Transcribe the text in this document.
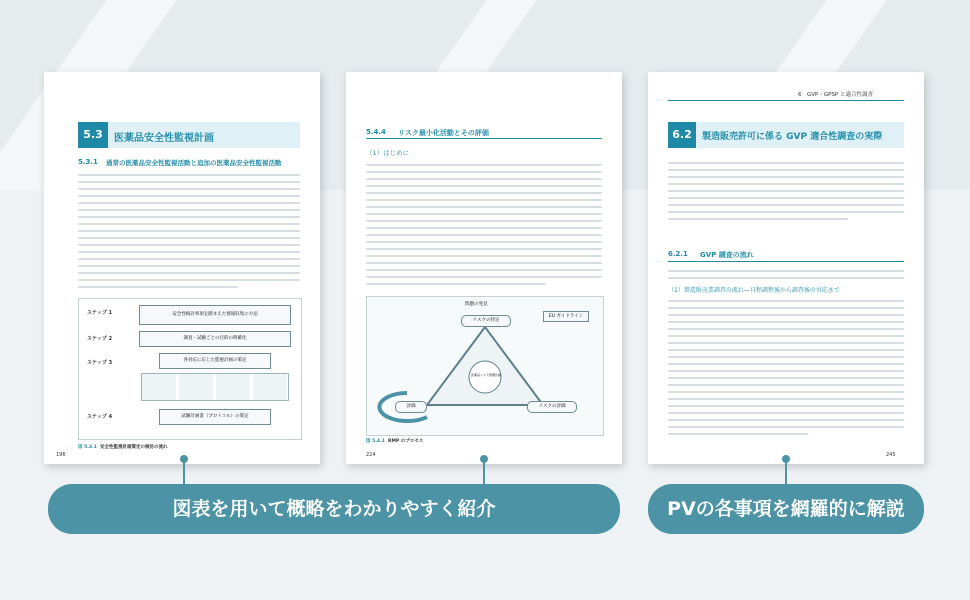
5.3	医薬品安全性監視計画
5.3.1 通常の医薬品安全性監視活動と追加の医薬品安全性監視活動
ステップ 1
ステップ 2
ステップ 3
ステップ 4
安全性検討事項を踏まえた情報収集の方法
調査・試験ごとの目的の明確化
各対応に応じた監視計画の策定
試験計画書（プロトコル）の策定
図 5.3.1 安全性監視計画策定の検討の流れ
196
5.4.4 リスク最小化活動とその評価
（1）はじめに
問題の発見
EU ガイドライン
リスクの特定
医薬品リスク管理計画
評価	リスクの評価
図 5.4.1 RMP のプロセス
224
6　GVP・GPSP と適合性調査
6.2	製造販売許可に係る GVP 適合性調査の実際
6.2.1 GVP 調査の流れ
（1）製造販売業調査の流れ―日程調整後から調査後の対応まで
245
図表を用いて概略をわかりやすく紹介	PVの各事項を網羅的に解説
